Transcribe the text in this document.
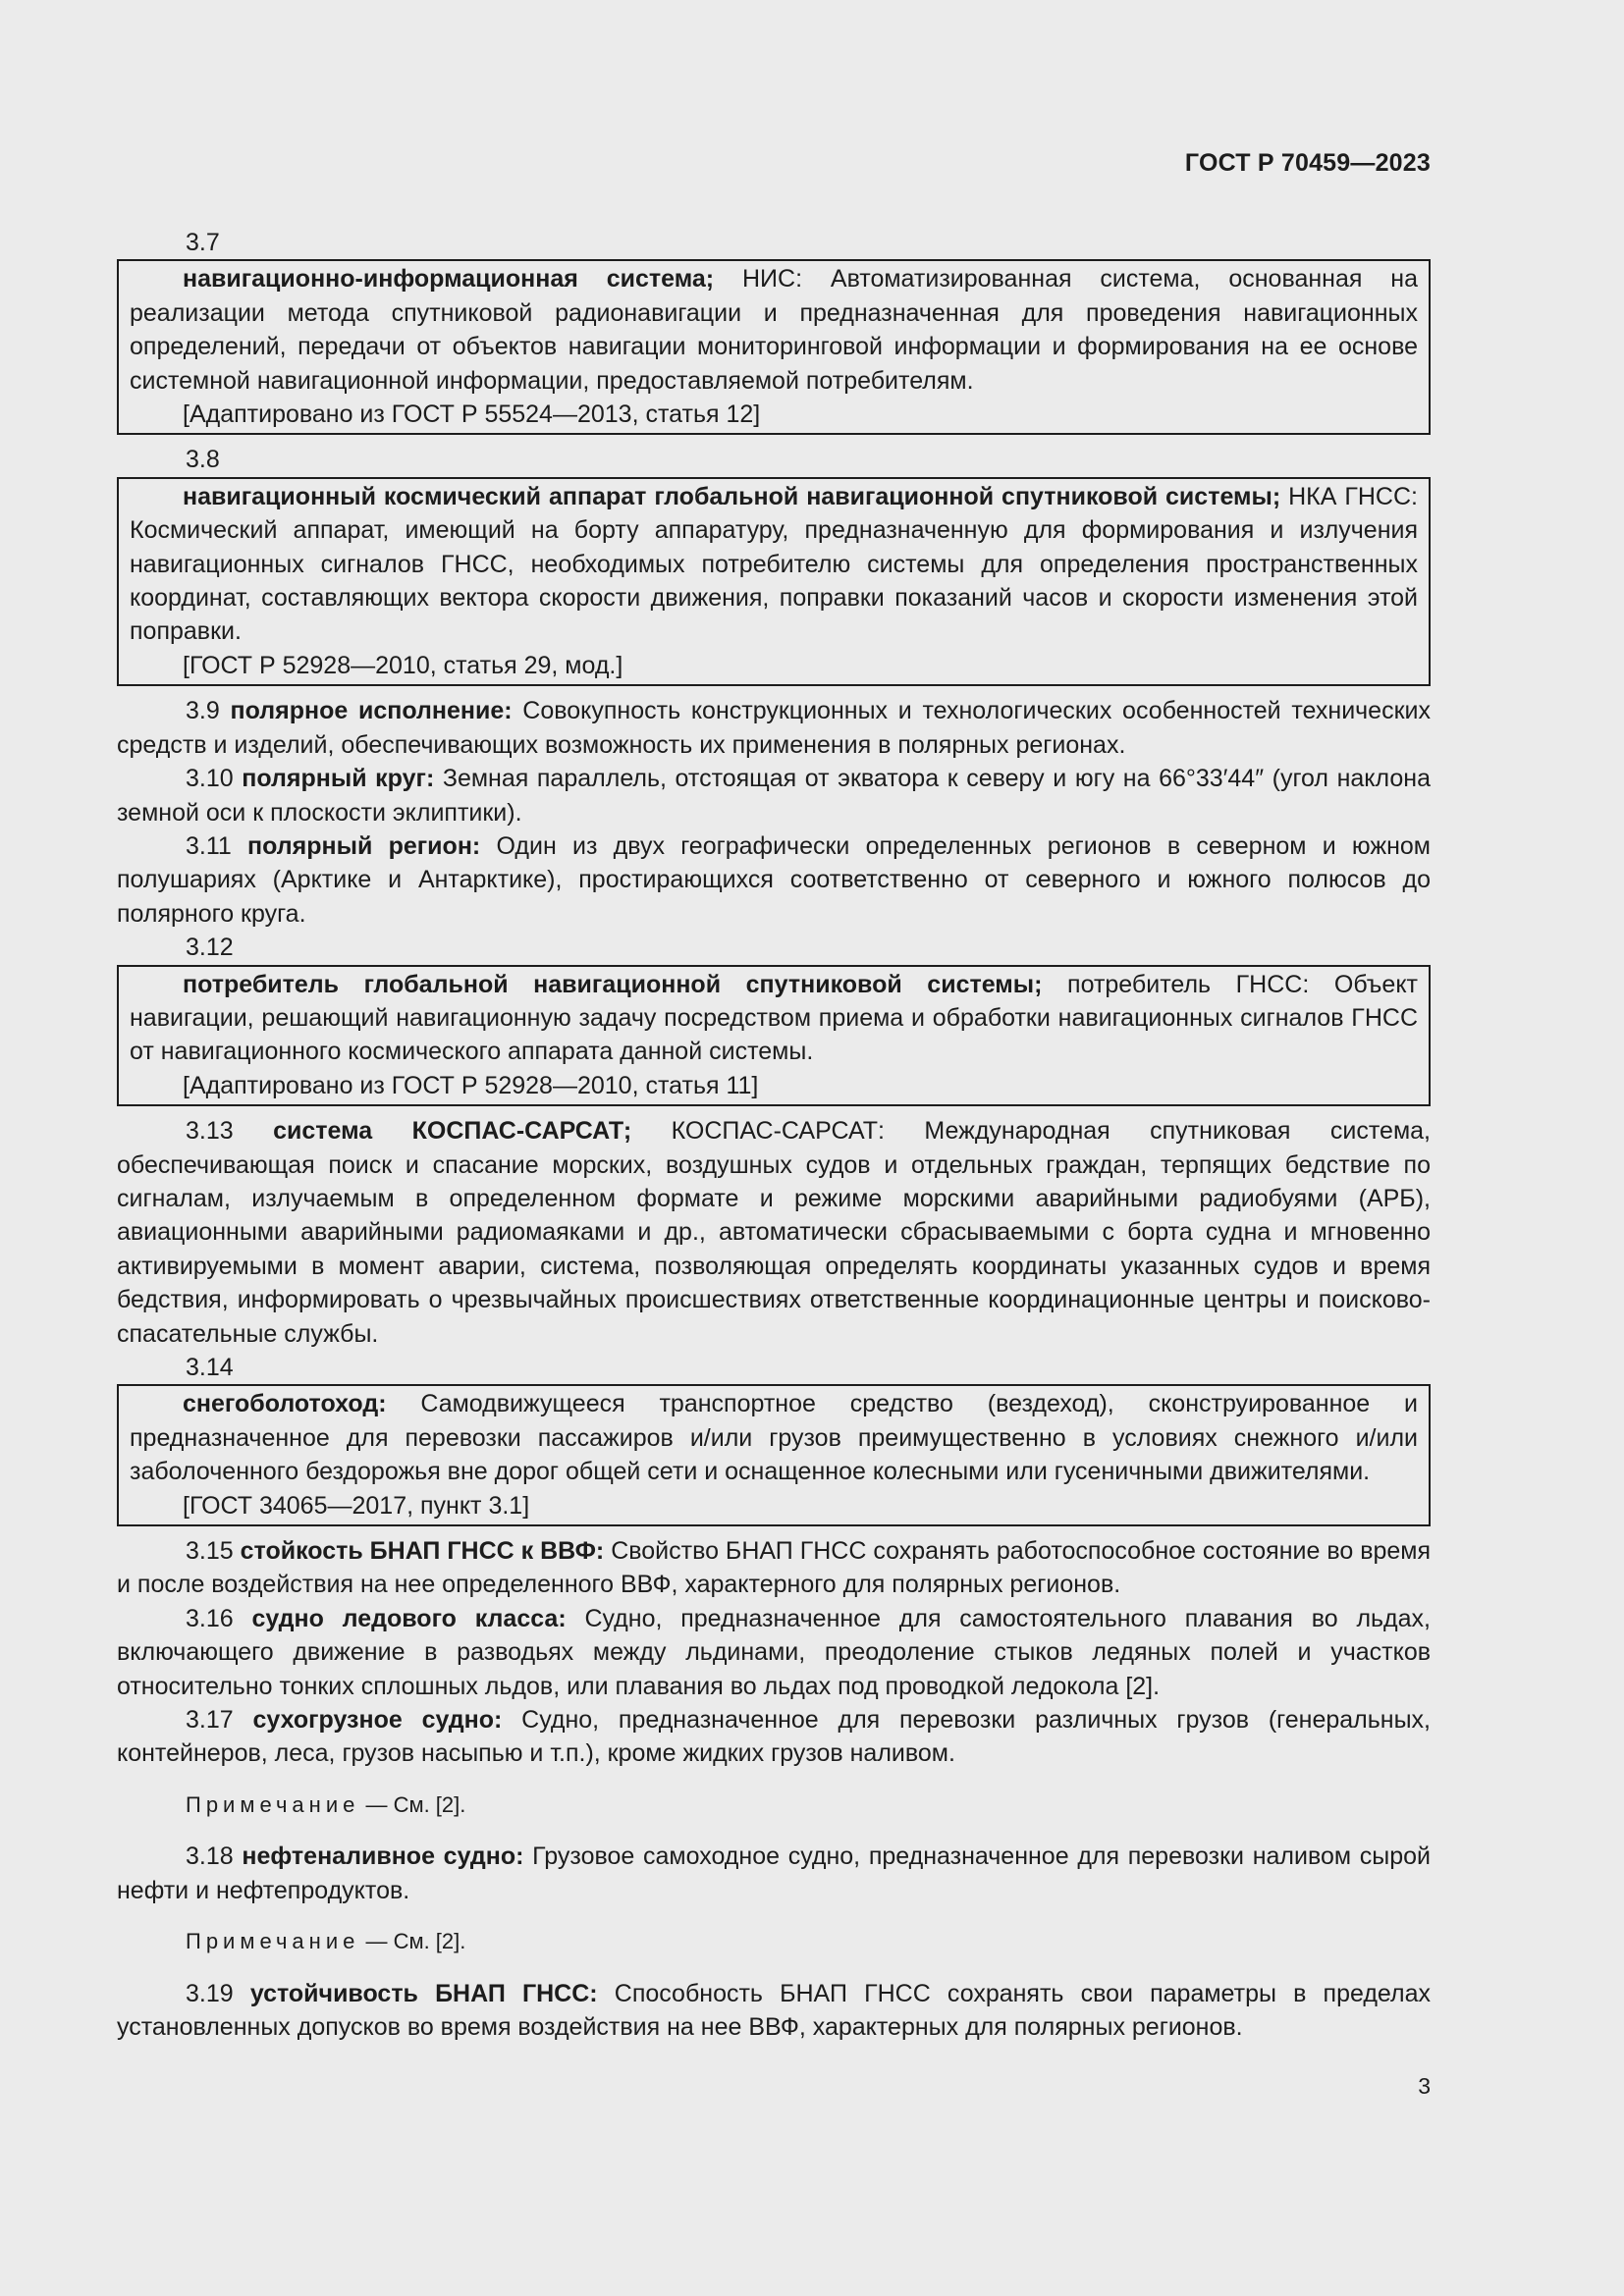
ГОСТ Р 70459—2023

3.7

навигационно-информационная система; НИС: Автоматизированная система, основанная на реализации метода спутниковой радионавигации и предназначенная для проведения навигационных определений, передачи от объектов навигации мониторинговой информации и формирования на ее основе системной навигационной информации, предоставляемой потребителям.

[Адаптировано из ГОСТ Р 55524—2013, статья 12]

3.8

навигационный космический аппарат глобальной навигационной спутниковой системы; НКА ГНСС: Космический аппарат, имеющий на борту аппаратуру, предназначенную для формирования и излучения навигационных сигналов ГНСС, необходимых потребителю системы для определения пространственных координат, составляющих вектора скорости движения, поправки показаний часов и скорости изменения этой поправки.

[ГОСТ Р 52928—2010, статья 29, мод.]

3.9 полярное исполнение: Совокупность конструкционных и технологических особенностей технических средств и изделий, обеспечивающих возможность их применения в полярных регионах.

3.10 полярный круг: Земная параллель, отстоящая от экватора к северу и югу на 66°33′44″ (угол наклона земной оси к плоскости эклиптики).

3.11 полярный регион: Один из двух географически определенных регионов в северном и южном полушариях (Арктике и Антарктике), простирающихся соответственно от северного и южного полюсов до полярного круга.

3.12

потребитель глобальной навигационной спутниковой системы; потребитель ГНСС: Объект навигации, решающий навигационную задачу посредством приема и обработки навигационных сигналов ГНСС от навигационного космического аппарата данной системы.

[Адаптировано из ГОСТ Р 52928—2010, статья 11]

3.13 система КОСПАС-САРСАТ; КОСПАС-САРСАТ: Международная спутниковая система, обеспечивающая поиск и спасание морских, воздушных судов и отдельных граждан, терпящих бедствие по сигналам, излучаемым в определенном формате и режиме морскими аварийными радиобуями (АРБ), авиационными аварийными радиомаяками и др., автоматически сбрасываемыми с борта судна и мгновенно активируемыми в момент аварии, система, позволяющая определять координаты указанных судов и время бедствия, информировать о чрезвычайных происшествиях ответственные координационные центры и поисково-спасательные службы.

3.14

снегоболотоход: Самодвижущееся транспортное средство (вездеход), сконструированное и предназначенное для перевозки пассажиров и/или грузов преимущественно в условиях снежного и/или заболоченного бездорожья вне дорог общей сети и оснащенное колесными или гусеничными движителями.

[ГОСТ 34065—2017, пункт 3.1]

3.15 стойкость БНАП ГНСС к ВВФ: Свойство БНАП ГНСС сохранять работоспособное состояние во время и после воздействия на нее определенного ВВФ, характерного для полярных регионов.

3.16 судно ледового класса: Судно, предназначенное для самостоятельного плавания во льдах, включающего движение в разводьях между льдинами, преодоление стыков ледяных полей и участков относительно тонких сплошных льдов, или плавания во льдах под проводкой ледокола [2].

3.17 сухогрузное судно: Судно, предназначенное для перевозки различных грузов (генеральных, контейнеров, леса, грузов насыпью и т.п.), кроме жидких грузов наливом.

Примечание — См. [2].

3.18 нефтеналивное судно: Грузовое самоходное судно, предназначенное для перевозки наливом сырой нефти и нефтепродуктов.

Примечание — См. [2].

3.19 устойчивость БНАП ГНСС: Способность БНАП ГНСС сохранять свои параметры в пределах установленных допусков во время воздействия на нее ВВФ, характерных для полярных регионов.

3
